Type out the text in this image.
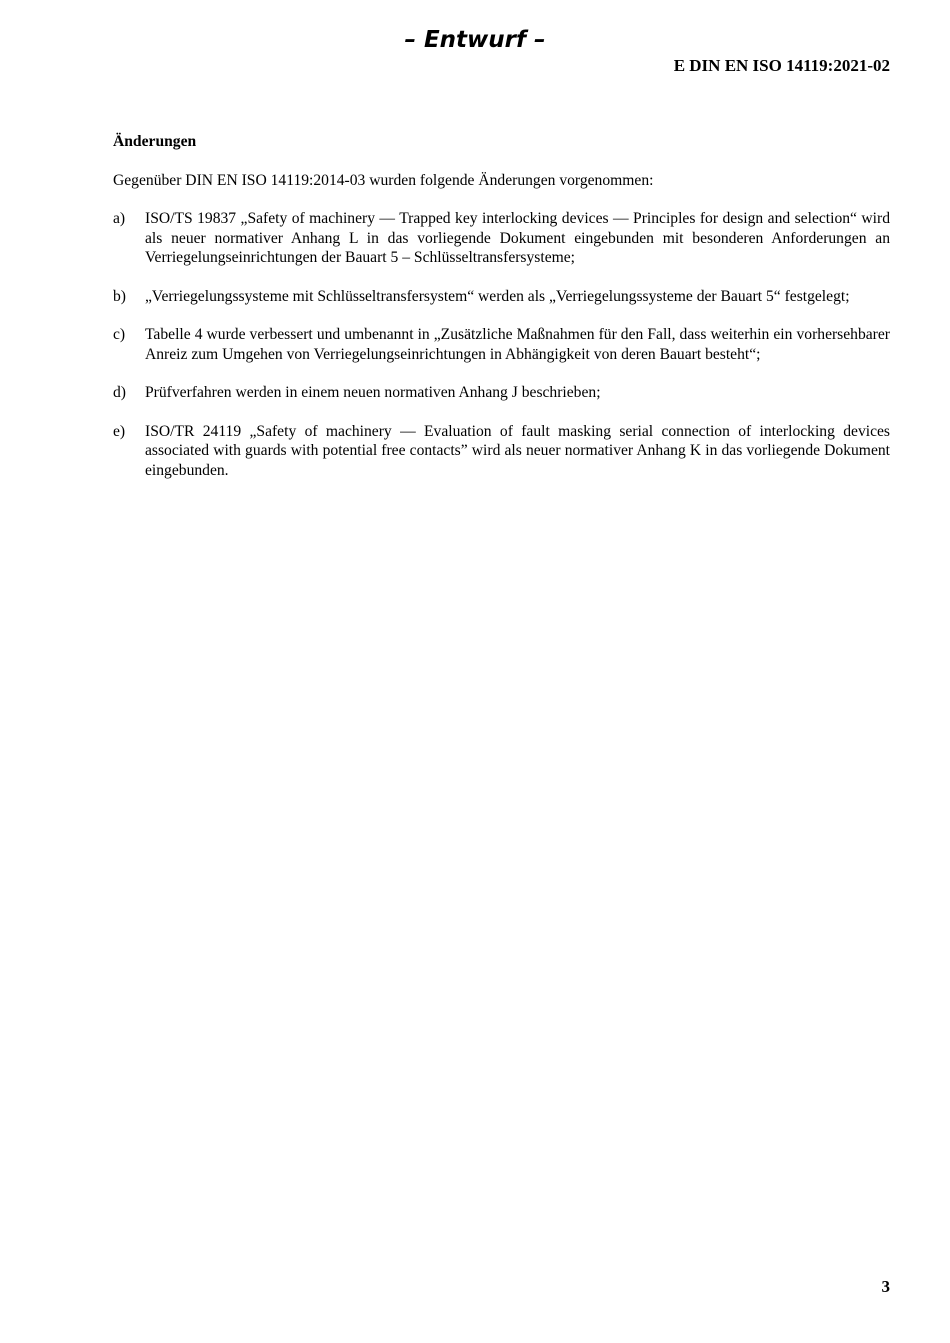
– Entwurf –
E DIN EN ISO 14119:2021-02
Änderungen
Gegenüber DIN EN ISO 14119:2014-03 wurden folgende Änderungen vorgenommen:
a)	ISO/TS 19837 „Safety of machinery — Trapped key interlocking devices — Principles for design and selection“ wird als neuer normativer Anhang L in das vorliegende Dokument eingebunden mit besonderen Anforderungen an Verriegelungseinrichtungen der Bauart 5 – Schlüsseltransfersysteme;
b)	„Verriegelungssysteme mit Schlüsseltransfersystem“ werden als „Verriegelungssysteme der Bauart 5“ festgelegt;
c)	Tabelle 4 wurde verbessert und umbenannt in „Zusätzliche Maßnahmen für den Fall, dass weiterhin ein vorhersehbarer Anreiz zum Umgehen von Verriegelungseinrichtungen in Abhängigkeit von deren Bauart besteht“;
d)	Prüfverfahren werden in einem neuen normativen Anhang J beschrieben;
e)	ISO/TR 24119 „Safety of machinery — Evaluation of fault masking serial connection of interlocking devices associated with guards with potential free contacts” wird als neuer normativer Anhang K in das vorliegende Dokument eingebunden.
3
